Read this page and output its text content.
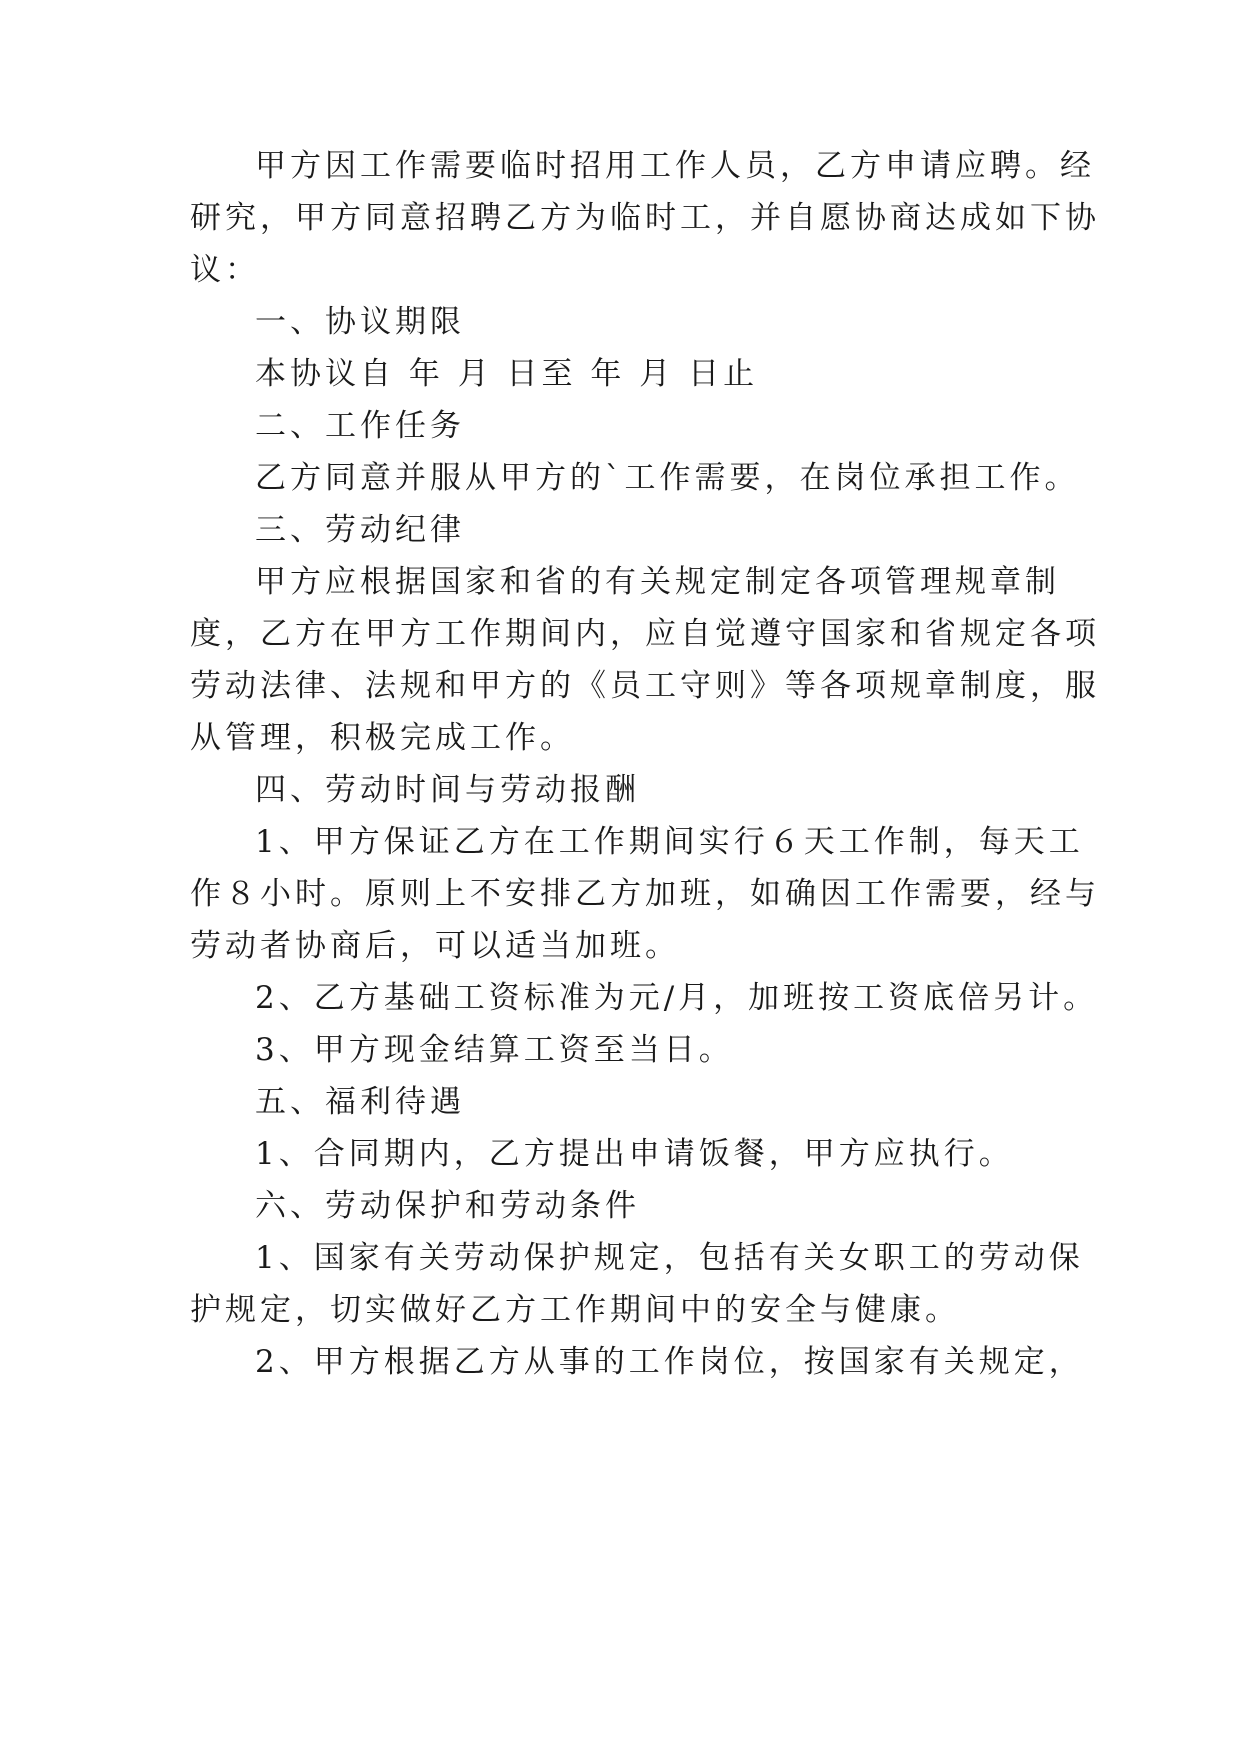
甲方因工作需要临时招用工作人员，乙方申请应聘。经
研究，甲方同意招聘乙方为临时工，并自愿协商达成如下协
议：
一、协议期限
本协议自 年 月 日至 年 月 日止
二、工作任务
乙方同意并服从甲方的`工作需要，在岗位承担工作。
三、劳动纪律
甲方应根据国家和省的有关规定制定各项管理规章制
度，乙方在甲方工作期间内，应自觉遵守国家和省规定各项
劳动法律、法规和甲方的《员工守则》等各项规章制度，服
从管理，积极完成工作。
四、劳动时间与劳动报酬
1、甲方保证乙方在工作期间实行６天工作制，每天工
作８小时。原则上不安排乙方加班，如确因工作需要，经与
劳动者协商后，可以适当加班。
2、乙方基础工资标准为元/月，加班按工资底倍另计。
3、甲方现金结算工资至当日。
五、福利待遇
1、合同期内，乙方提出申请饭餐，甲方应执行。
六、劳动保护和劳动条件
1、国家有关劳动保护规定，包括有关女职工的劳动保
护规定，切实做好乙方工作期间中的安全与健康。
2、甲方根据乙方从事的工作岗位，按国家有关规定，
